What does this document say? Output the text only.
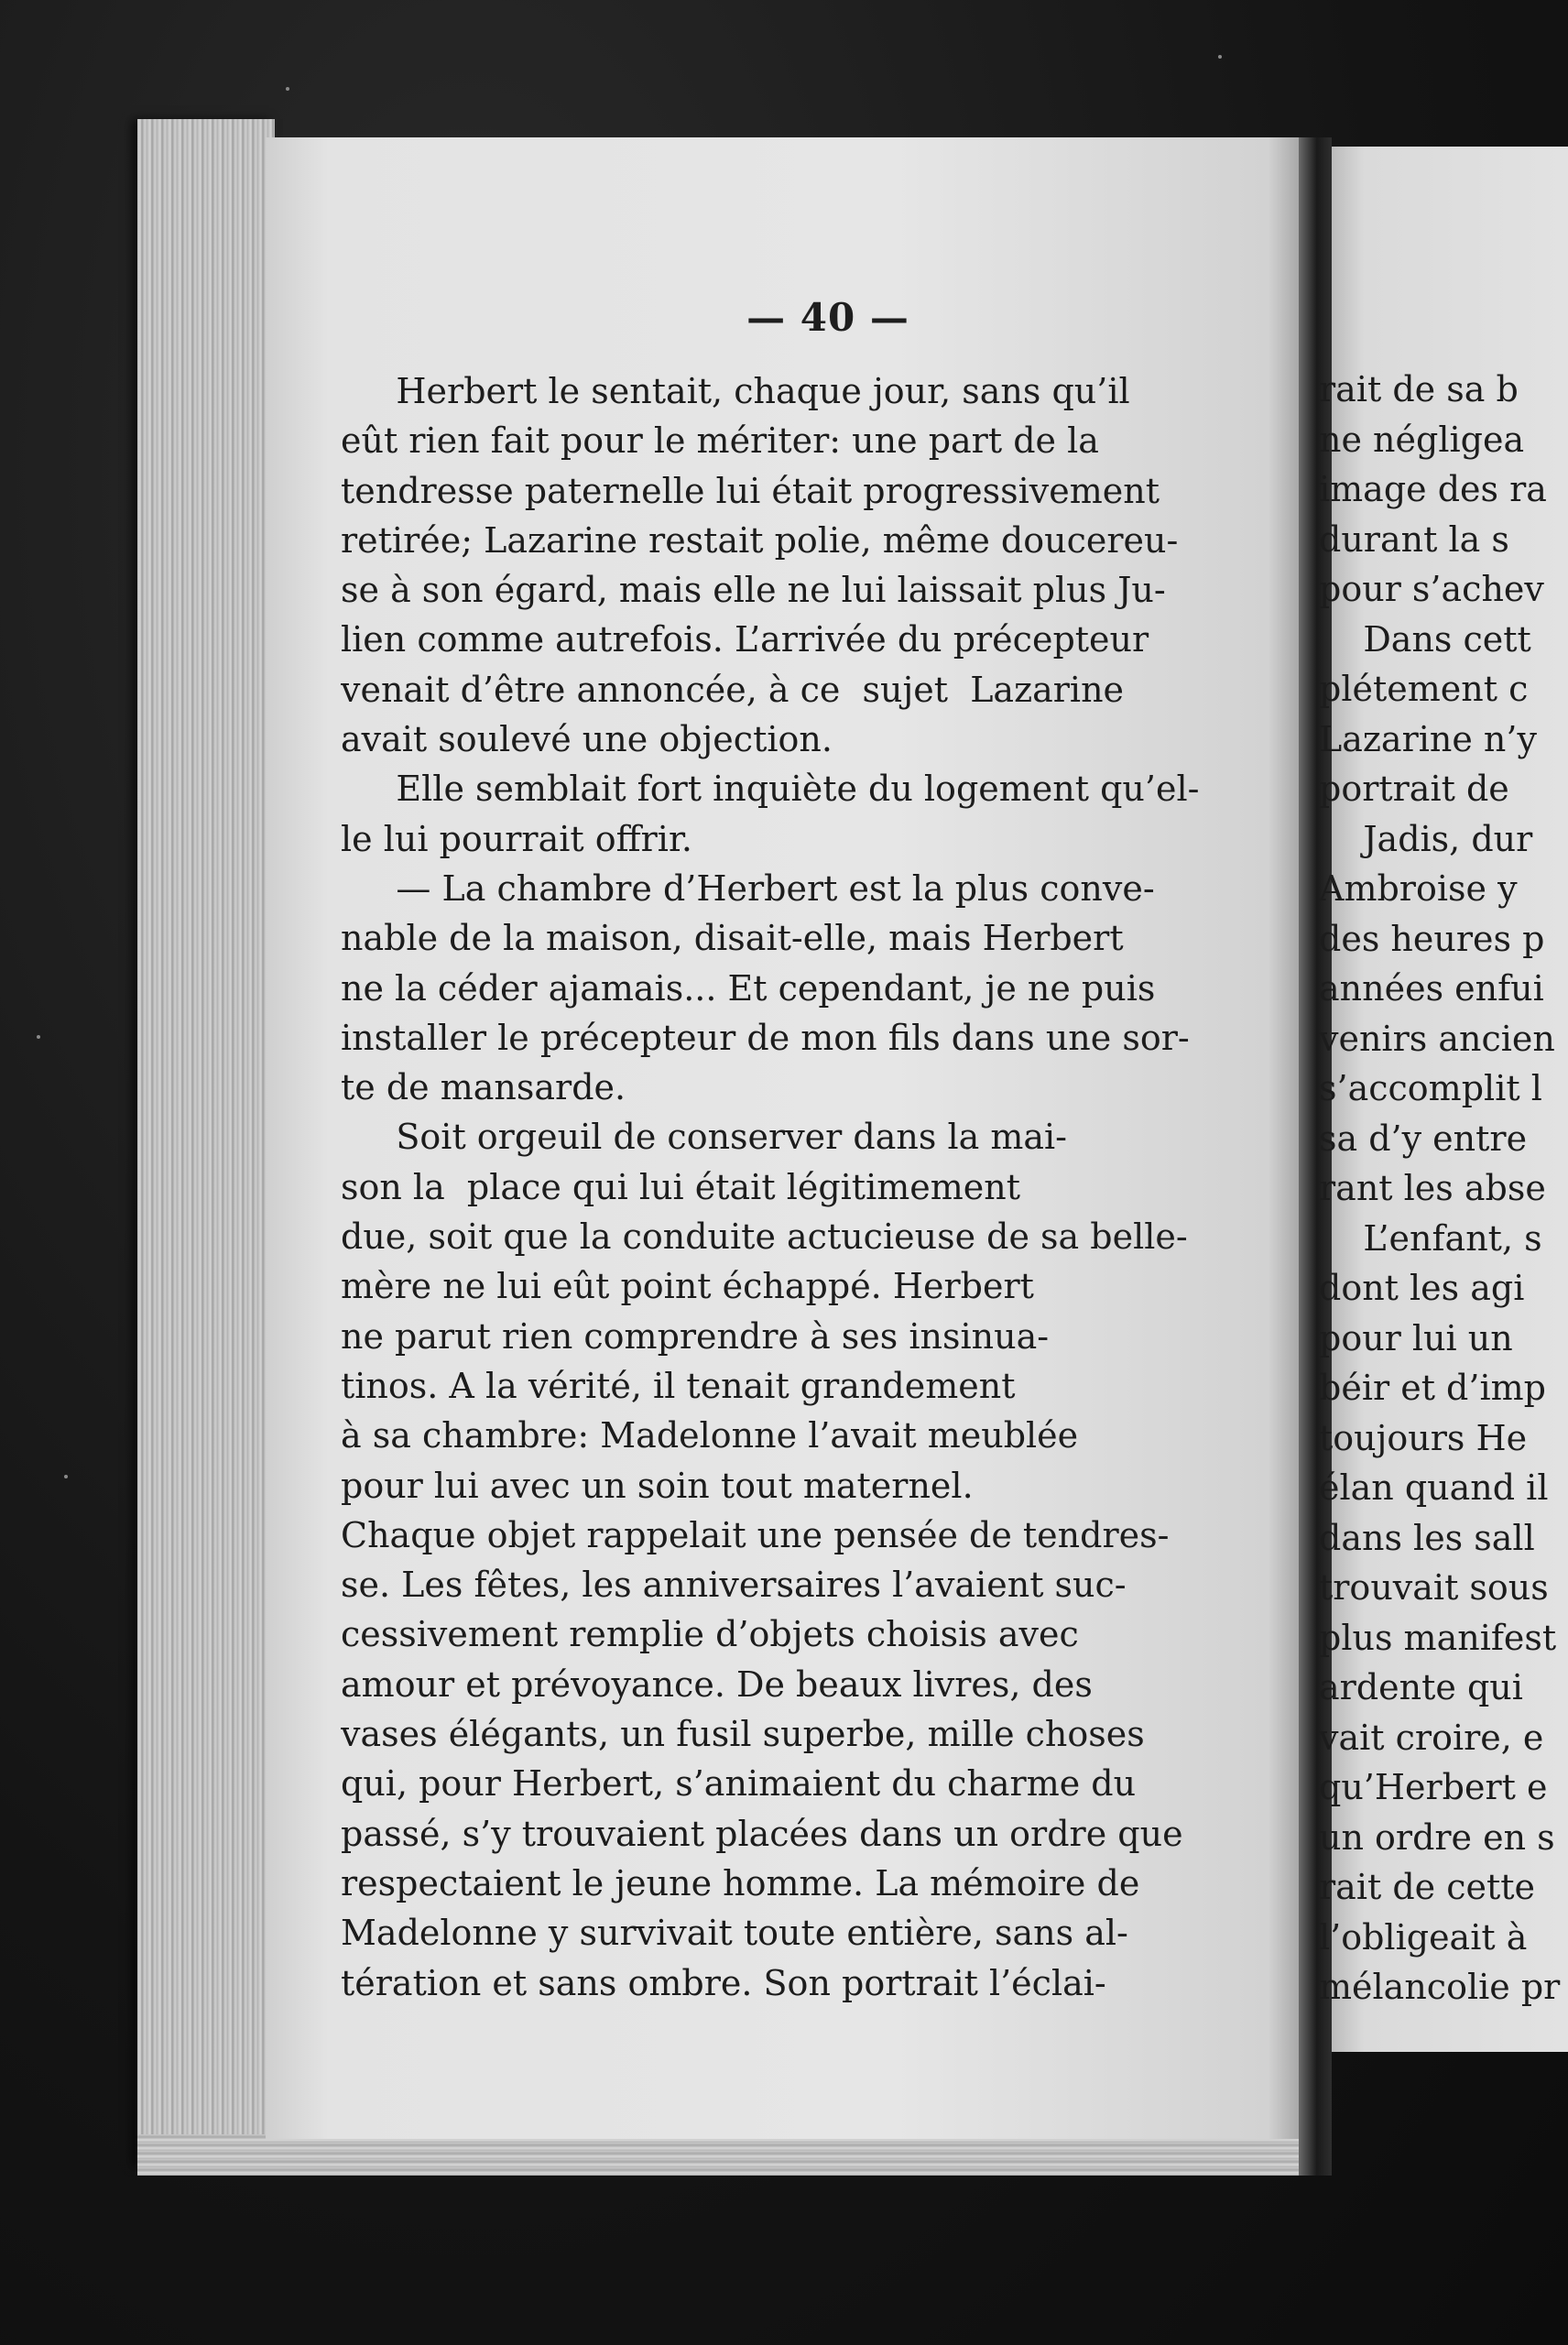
— 40 —
Herbert le sentait, chaque jour, sans qu’il
eût rien fait pour le mériter: une part de la
tendresse paternelle lui était progressivement
retirée; Lazarine restait polie, même doucereu-
se à son égard, mais elle ne lui laissait plus Ju-
lien comme autrefois. L’arrivée du précepteur
venait d’être annoncée, à ce  sujet  Lazarine
avait soulevé une objection.
Elle semblait fort inquiète du logement qu’el-
le lui pourrait offrir.
— La chambre d’Herbert est la plus conve-
nable de la maison, disait-elle, mais Herbert
ne la céder ajamais... Et cependant, je ne puis
installer le précepteur de mon fils dans une sor-
te de mansarde.
Soit orgeuil de conserver dans la mai-
son la  place qui lui était légitimement
due, soit que la conduite actucieuse de sa belle-
mère ne lui eût point échappé. Herbert
ne parut rien comprendre à ses insinua-
tinos. A la vérité, il tenait grandement
à sa chambre: Madelonne l’avait meublée
pour lui avec un soin tout maternel.
Chaque objet rappelait une pensée de tendres-
se. Les fêtes, les anniversaires l’avaient suc-
cessivement remplie d’objets choisis avec
amour et prévoyance. De beaux livres, des
vases élégants, un fusil superbe, mille choses
qui, pour Herbert, s’animaient du charme du
passé, s’y trouvaient placées dans un ordre que
respectaient le jeune homme. La mémoire de
Madelonne y survivait toute entière, sans al-
tération et sans ombre. Son portrait l’éclai-
rait de sa b
ne négligea
image des ra
durant la s
pour s’achev
Dans cett
plétement c
Lazarine n’y
portrait de
Jadis, dur
Ambroise y
des heures p
années enfui
venirs ancien
s’accomplit l
sa d’y entre
rant les abse
L’enfant, s
dont les agi
pour lui un
béir et d’imp
toujours He
élan quand il
dans les sall
trouvait sous
plus manifest
ardente qui
vait croire, e
qu’Herbert e
un ordre en s
rait de cette
l’obligeait à
mélancolie pr
